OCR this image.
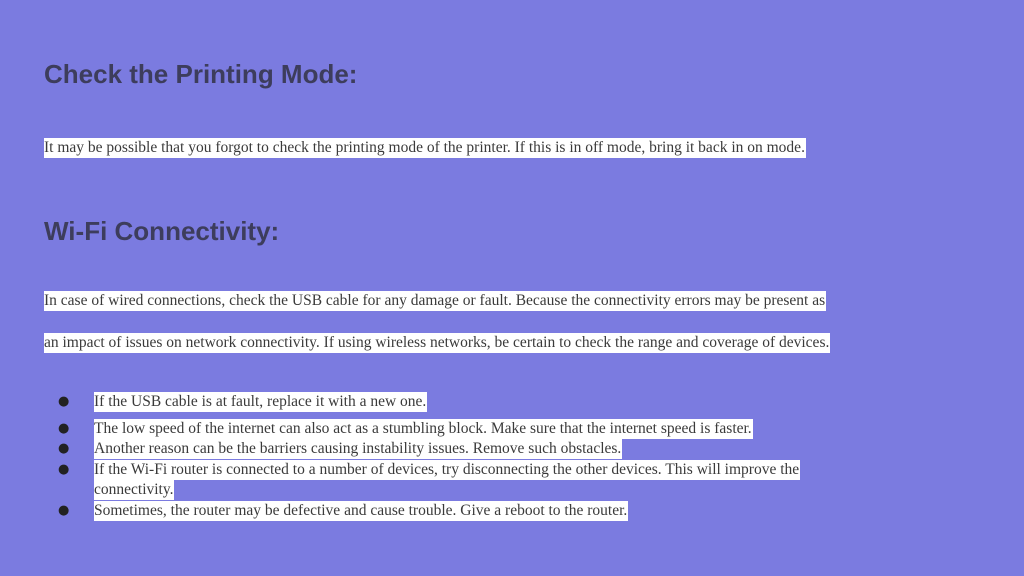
Check the Printing Mode:

It may be possible that you forgot to check the printing mode of the printer. If this is in off mode, bring it back in on mode.

Wi-Fi Connectivity:

In case of wired connections, check the USB cable for any damage or fault. Because the connectivity errors may be present as

an impact of issues on network connectivity. If using wireless networks, be certain to check the range and coverage of devices.

● If the USB cable is at fault, replace it with a new one.
● The low speed of the internet can also act as a stumbling block. Make sure that the internet speed is faster.
● Another reason can be the barriers causing instability issues. Remove such obstacles.
● If the Wi-Fi router is connected to a number of devices, try disconnecting the other devices. This will improve the
connectivity.
● Sometimes, the router may be defective and cause trouble. Give a reboot to the router.
